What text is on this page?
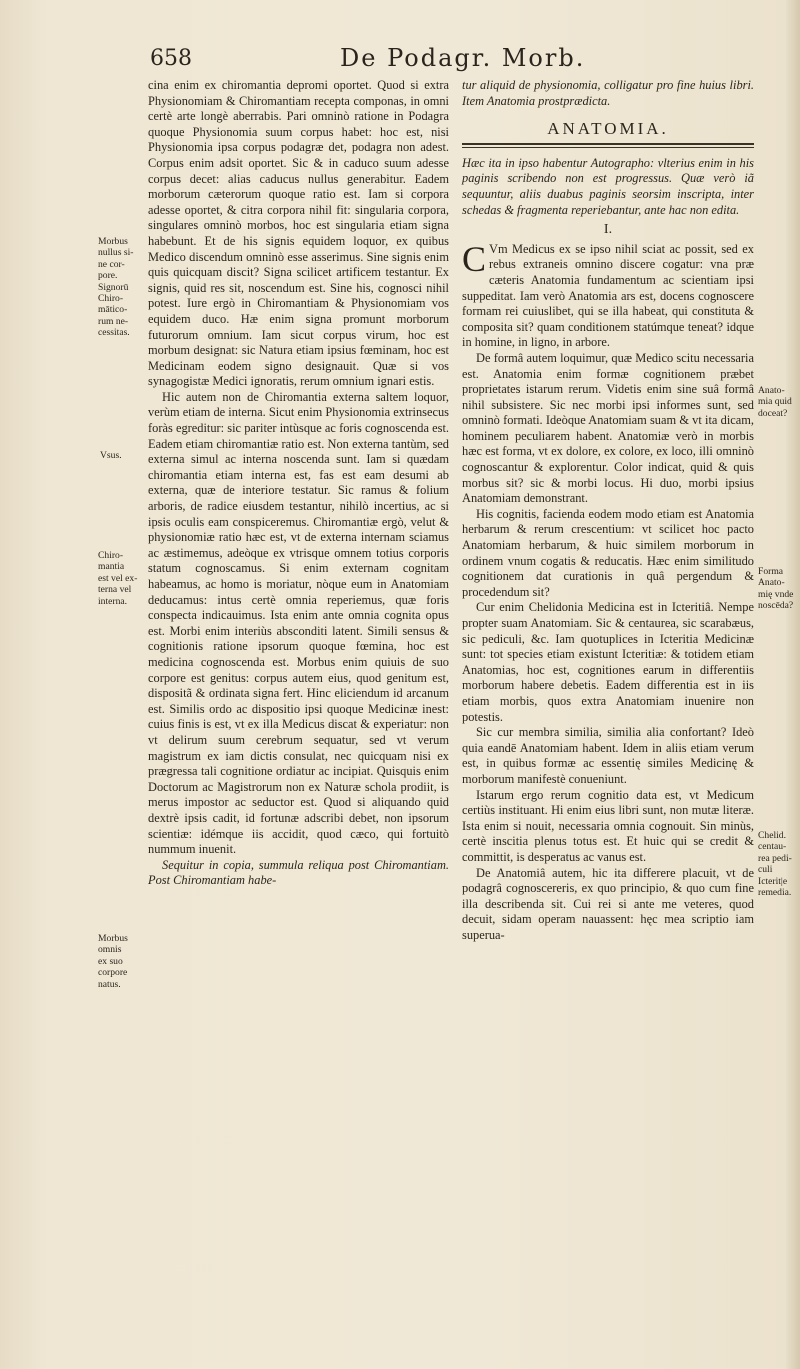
658	De Podagr. Morb.

cina enim ex chiromantia depromi oportet. Quod si extra Physionomiam & Chiromantiam recepta componas, in omni certè arte longè aberrabis. Pari omninò ratione in Podagra quoque Physionomia suum corpus habet: hoc est, nisi Physionomia ipsa corpus podagræ det, podagra non adest. Corpus enim adsit oportet. Sic & in caduco suum adesse corpus decet: alias caducus nullus generabitur. Eadem morborum cæterorum quoque ratio est. Iam si corpora adesse oportet, & citra corpora nihil fit: singularia corpora, singulares omninò morbos, hoc est singularia etiam signa habebunt. Et de his signis equidem loquor, ex quibus Medico discendum omninò esse asserimus. Sine signis enim quis quicquam discit? Signa scilicet artificem testantur. Ex signis, quid res sit, noscendum est. Sine his, cognosci nihil potest. Iure ergò in Chiromantiam & Physionomiam vos equidem duco. Hæ enim signa promunt morborum futurorum omnium. Iam sicut corpus virum, hoc est morbum designat: sic Natura etiam ipsius fœminam, hoc est Medicinam eodem signo designauit. Quæ si vos synagogistæ Medici ignoratis, rerum omnium ignari estis.

Hic autem non de Chiromantia externa saltem loquor, verùm etiam de interna. Sicut enim Physionomia extrinsecus foràs egreditur: sic pariter intùsque ac foris cognoscenda est. Eadem etiam chiromantiæ ratio est. Non externa tantùm, sed externa simul ac interna noscenda sunt. Iam si quædam chiromantia etiam interna est, fas est eam desumi ab externa, quæ de interiore testatur. Sic ramus & folium arboris, de radice eiusdem testantur, nihilò incertius, ac si ipsis oculis eam conspiceremus. Chiromantiæ ergò, velut & physionomiæ ratio hæc est, vt de externa internam sciamus ac æstimemus, adeòque ex vtrisque omnem totius corporis statum cognoscamus. Si enim externam cognitam habeamus, ac homo is moriatur, nòque eum in Anatomiam deducamus: intus certè omnia reperiemus, quæ foris conspecta indicauimus. Ista enim ante omnia cognita opus est. Morbi enim interiùs absconditi latent. Simili sensus & cognitionis ratione ipsorum quoque fœmina, hoc est medicina cognoscenda est. Morbus enim quiuis de suo corpore est genitus: corpus autem eius, quod genitum est, dispositã & ordinata signa fert. Hinc eliciendum id arcanum est. Similis ordo ac dispositio ipsi quoque Medicinæ inest: cuius finis is est, vt ex illa Medicus discat & experiatur: non vt delirum suum cerebrum sequatur, sed vt verum magistrum ex iam dictis consulat, nec quicquam nisi ex prægressa tali cognitione ordiatur ac incipiat. Quisquis enim Doctorum ac Magistrorum non ex Naturæ schola prodiit, is merus impostor ac seductor est. Quod si aliquando quid dextrè ipsis cadit, id fortunæ adscribi debet, non ipsorum scientiæ: idémque iis accidit, quod cæco, qui fortuitò nummum inuenit.

Sequitur in copia, summula reliqua post Chiromantiam. Post Chiromantiam habe-

tur aliquid de physionomia, colligatur pro fine huius libri. Item Anatomia prostprædicta.

ANATOMIA.

Hæc ita in ipso habentur Autographo: vlterius enim in his paginis scribendo non est progressus. Quæ verò iã sequuntur, aliis duabus paginis seorsim inscripta, inter schedas & fragmenta reperiebantur, ante hac non edita.

I.

C Vm Medicus ex se ipso nihil sciat ac possit, sed ex rebus extraneis omnino discere cogatur: vna præ cæteris Anatomia fundamentum ac scientiam ipsi suppeditat. Iam verò Anatomia ars est, docens cognoscere formam rei cuiuslibet, qui se illa habeat, qui constituta & composita sit? quam conditionem statúmque teneat? idque in homine, in ligno, in arbore.

De formâ autem loquimur, quæ Medico scitu necessaria est. Anatomia enim formæ cognitionem præbet proprietates istarum rerum. Videtis enim sine suâ formâ nihil subsistere. Sic nec morbi ipsi informes sunt, sed omninò formati. Ideòque Anatomiam suam & vt ita dicam, hominem peculiarem habent. Anatomiæ verò in morbis hæc est forma, vt ex dolore, ex colore, ex loco, illi omninò cognoscantur & explorentur. Color indicat, quid & quis morbus sit? sic & morbi locus. Hi duo, morbi ipsius Anatomiam demonstrant.

His cognitis, facienda eodem modo etiam est Anatomia herbarum & rerum crescentium: vt scilicet hoc pacto Anatomiam herbarum, & huic similem morborum in ordinem vnum cogatis & reducatis. Hæc enim similitudo cognitionem dat curationis in quâ pergendum & procedendum sit?

Cur enim Chelidonia Medicina est in Icteritiâ. Nempe propter suam Anatomiam. Sic & centaurea, sic scarabæus, sic pediculi, &c. Iam quotuplices in Icteritia Medicinæ sunt: tot species etiam existunt Icteritiæ: & totidem etiam Anatomias, hoc est, cognitiones earum in differentiis morborum habere debetis. Eadem differentia est in iis etiam morbis, quos extra Anatomiam inuenire non potestis.

Sic cur membra similia, similia alia confortant? Ideò quia eandē Anatomiam habent. Idem in aliis etiam verum est, in quibus formæ ac essentię similes Medicinę & morborum manifestè conueniunt.

Istarum ergo rerum cognitio data est, vt Medicum certiùs instituant. Hi enim eius libri sunt, non mutæ literæ. Ista enim si nouit, necessaria omnia cognouit. Sin minùs, certè inscitia plenus totus est. Et huic qui se credit & committit, is desperatus ac vanus est.

De Anatomiâ autem, hic ita differere placuit, vt de podagrâ cognoscereris, ex quo principio, & quo cum fine illa describenda sit. Cui rei si ante me veteres, quod decuit, sidam operam nauassent: hęc mea scriptio iam superua-

Morbus
nullus si-
ne cor-
pore.
Signorū
Chiro-
mātico-
rum ne-
cessitas.
Vsus.
Chiro-
mantia
est vel ex-
terna vel
interna.
Morbus
omnis
ex suo
corpore
natus.
Anato-
mia quid
doceat?
Forma
Anato-
mię vnde
noscēda?
Chelid.
centau-
rea pedi-
culi
Icterit|e
remedia.
